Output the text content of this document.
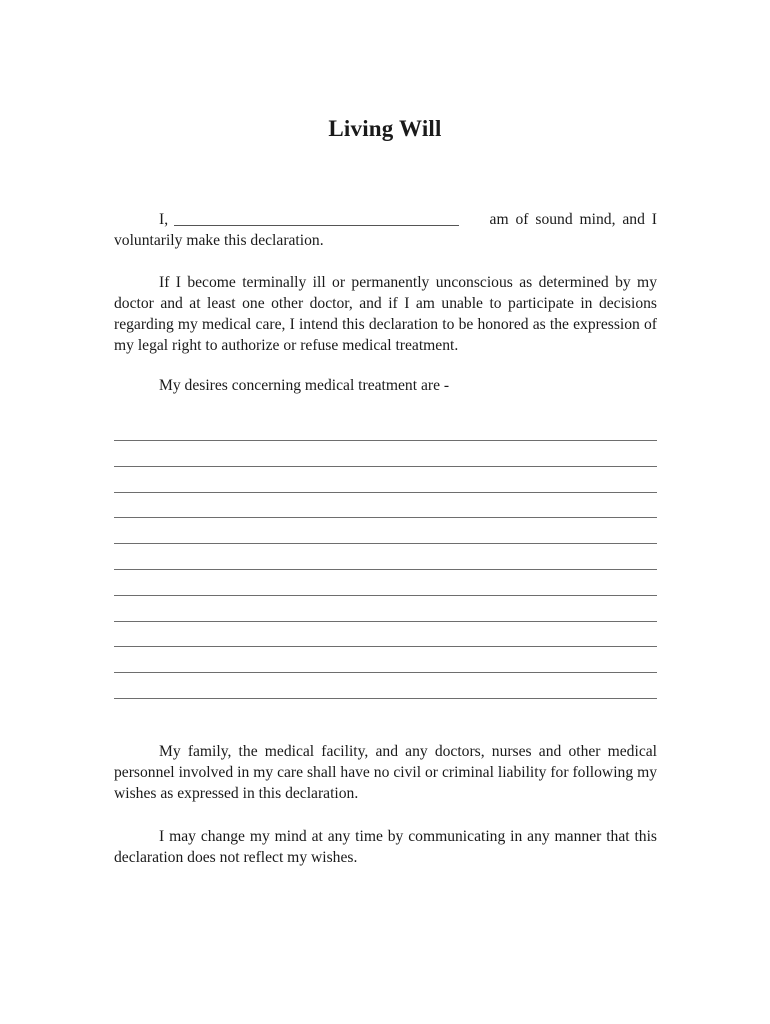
Living Will
I,	am of sound mind, and I
voluntarily make this declaration.

If I become terminally ill or permanently unconscious as determined by my doctor and at least one other doctor, and if I am unable to participate in decisions regarding my medical care, I intend this declaration to be honored as the expression of my legal right to authorize or refuse medical treatment.

My desires concerning medical treatment are -

My family, the medical facility, and any doctors, nurses and other medical personnel involved in my care shall have no civil or criminal liability for following my wishes as expressed in this declaration.

I may change my mind at any time by communicating in any manner that this declaration does not reflect my wishes.
